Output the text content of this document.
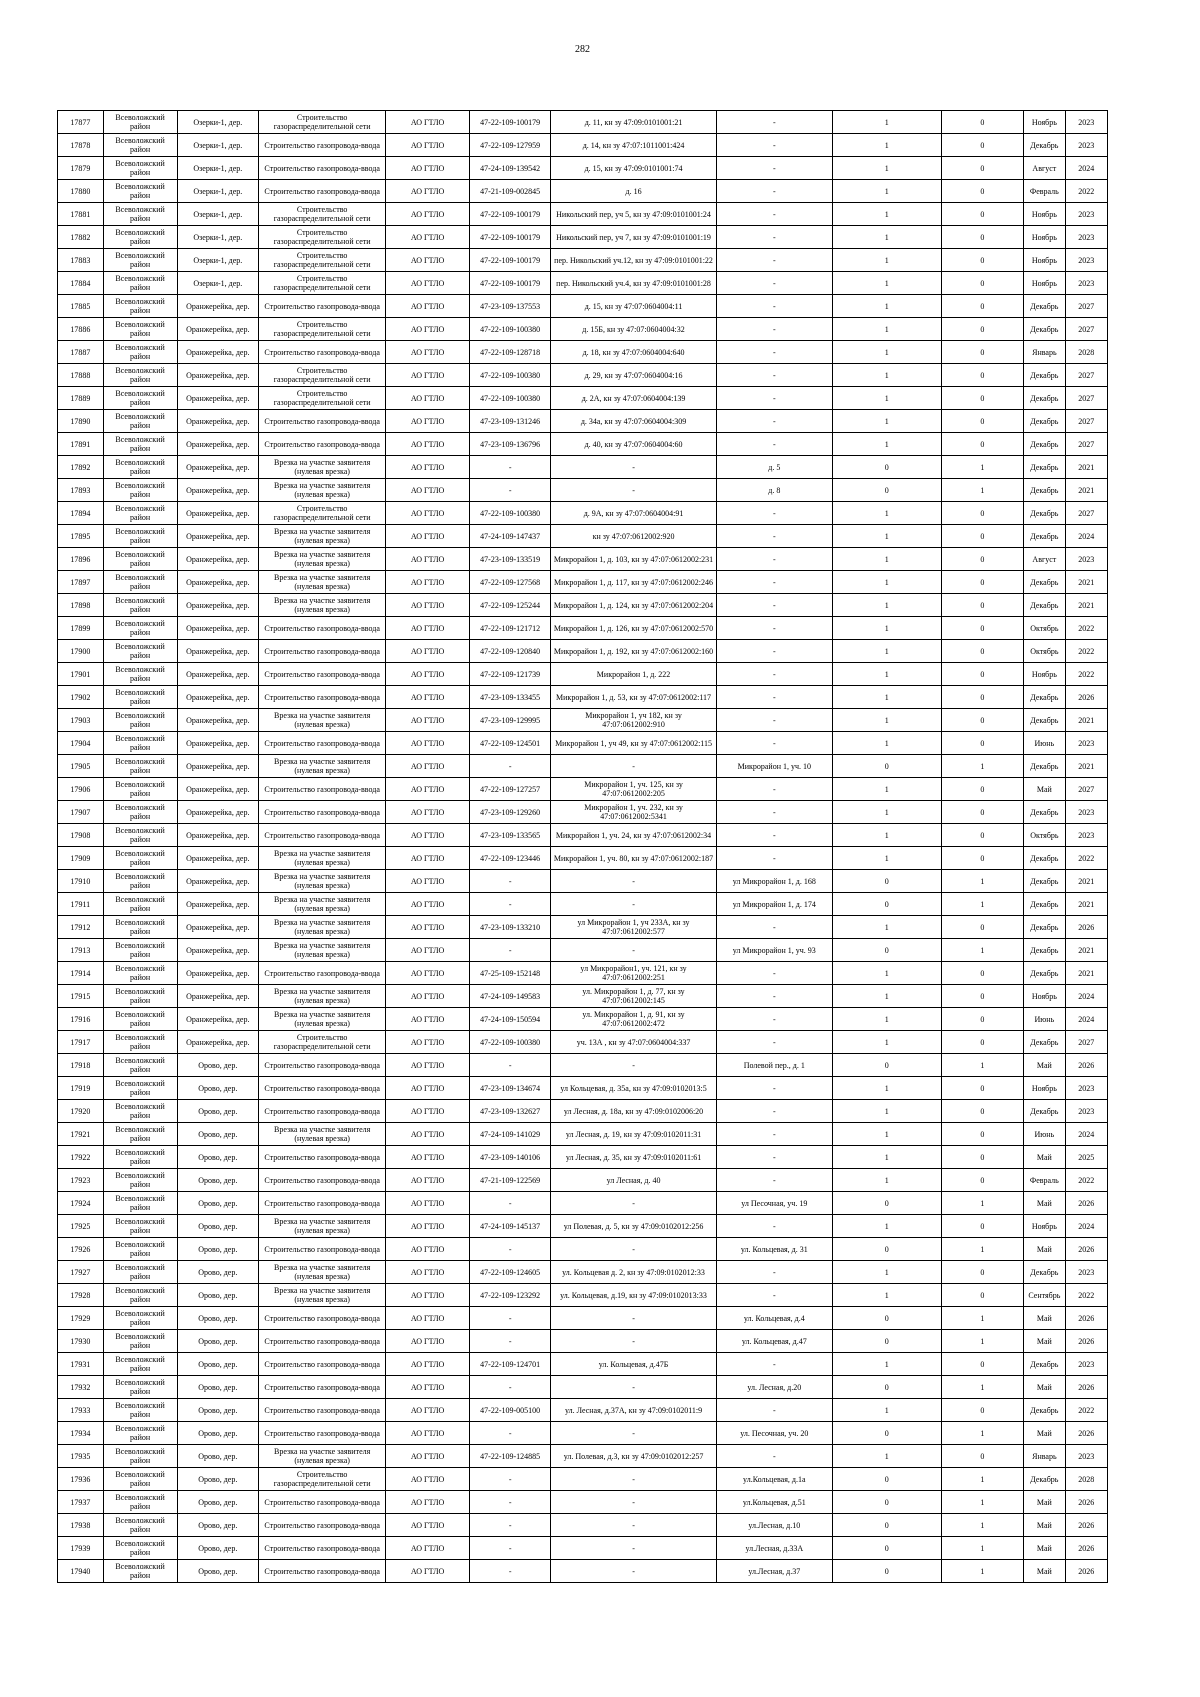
282
17877	Всеволожский район	Озерки-1, дер.	Строительство газораспределительной сети	АО ГТЛО	47-22-109-100179	д. 11, кн зу 47:09:0101001:21	-	1	0	Ноябрь	2023
17878	Всеволожский район	Озерки-1, дер.	Строительство газопровода-ввода	АО ГТЛО	47-22-109-127959	д. 14, кн зу 47:07:1011001:424	-	1	0	Декабрь	2023
17879	Всеволожский район	Озерки-1, дер.	Строительство газопровода-ввода	АО ГТЛО	47-24-109-139542	д. 15, кн зу 47:09:0101001:74	-	1	0	Август	2024
17880	Всеволожский район	Озерки-1, дер.	Строительство газопровода-ввода	АО ГТЛО	47-21-109-002845	д. 16	-	1	0	Февраль	2022
17881	Всеволожский район	Озерки-1, дер.	Строительство газораспределительной сети	АО ГТЛО	47-22-109-100179	Никольский пер, уч 5, кн зу 47:09:0101001:24	-	1	0	Ноябрь	2023
17882	Всеволожский район	Озерки-1, дер.	Строительство газораспределительной сети	АО ГТЛО	47-22-109-100179	Никольский пер, уч 7, кн зу 47:09:0101001:19	-	1	0	Ноябрь	2023
17883	Всеволожский район	Озерки-1, дер.	Строительство газораспределительной сети	АО ГТЛО	47-22-109-100179	пер. Никольский уч.12, кн зу 47:09:0101001:22	-	1	0	Ноябрь	2023
17884	Всеволожский район	Озерки-1, дер.	Строительство газораспределительной сети	АО ГТЛО	47-22-109-100179	пер. Никольский уч.4, кн зу 47:09:0101001:28	-	1	0	Ноябрь	2023
17885	Всеволожский район	Оранжерейка, дер.	Строительство газопровода-ввода	АО ГТЛО	47-23-109-137553	д. 15, кн зу 47:07:0604004:11	-	1	0	Декабрь	2027
17886	Всеволожский район	Оранжерейка, дер.	Строительство газораспределительной сети	АО ГТЛО	47-22-109-100380	д. 15Б, кн зу 47:07:0604004:32	-	1	0	Декабрь	2027
17887	Всеволожский район	Оранжерейка, дер.	Строительство газопровода-ввода	АО ГТЛО	47-22-109-128718	д. 18, кн зу 47:07:0604004:640	-	1	0	Январь	2028
17888	Всеволожский район	Оранжерейка, дер.	Строительство газораспределительной сети	АО ГТЛО	47-22-109-100380	д. 29, кн зу 47:07:0604004:16	-	1	0	Декабрь	2027
17889	Всеволожский район	Оранжерейка, дер.	Строительство газораспределительной сети	АО ГТЛО	47-22-109-100380	д. 2А, кн зу 47:07:0604004:139	-	1	0	Декабрь	2027
17890	Всеволожский район	Оранжерейка, дер.	Строительство газопровода-ввода	АО ГТЛО	47-23-109-131246	д. 34а, кн зу 47:07:0604004:309	-	1	0	Декабрь	2027
17891	Всеволожский район	Оранжерейка, дер.	Строительство газопровода-ввода	АО ГТЛО	47-23-109-136796	д. 40, кн зу 47:07:0604004:60	-	1	0	Декабрь	2027
17892	Всеволожский район	Оранжерейка, дер.	Врезка на участке заявителя (нулевая врезка)	АО ГТЛО	-	-	д. 5	0	1	Декабрь	2021
17893	Всеволожский район	Оранжерейка, дер.	Врезка на участке заявителя (нулевая врезка)	АО ГТЛО	-	-	д. 8	0	1	Декабрь	2021
17894	Всеволожский район	Оранжерейка, дер.	Строительство газораспределительной сети	АО ГТЛО	47-22-109-100380	д. 9А, кн зу 47:07:0604004:91	-	1	0	Декабрь	2027
17895	Всеволожский район	Оранжерейка, дер.	Врезка на участке заявителя (нулевая врезка)	АО ГТЛО	47-24-109-147437	кн зу 47:07:0612002:920	-	1	0	Декабрь	2024
17896	Всеволожский район	Оранжерейка, дер.	Врезка на участке заявителя (нулевая врезка)	АО ГТЛО	47-23-109-133519	Микрорайон 1, д. 103, кн зу 47:07:0612002:231	-	1	0	Август	2023
17897	Всеволожский район	Оранжерейка, дер.	Врезка на участке заявителя (нулевая врезка)	АО ГТЛО	47-22-109-127568	Микрорайон 1, д. 117, кн зу 47:07:0612002:246	-	1	0	Декабрь	2021
17898	Всеволожский район	Оранжерейка, дер.	Врезка на участке заявителя (нулевая врезка)	АО ГТЛО	47-22-109-125244	Микрорайон 1, д. 124, кн зу 47:07:0612002:204	-	1	0	Декабрь	2021
17899	Всеволожский район	Оранжерейка, дер.	Строительство газопровода-ввода	АО ГТЛО	47-22-109-121712	Микрорайон 1, д. 126, кн зу 47:07:0612002:570	-	1	0	Октябрь	2022
17900	Всеволожский район	Оранжерейка, дер.	Строительство газопровода-ввода	АО ГТЛО	47-22-109-120840	Микрорайон 1, д. 192, кн зу 47:07:0612002:160	-	1	0	Октябрь	2022
17901	Всеволожский район	Оранжерейка, дер.	Строительство газопровода-ввода	АО ГТЛО	47-22-109-121739	Микрорайон 1, д. 222	-	1	0	Ноябрь	2022
17902	Всеволожский район	Оранжерейка, дер.	Строительство газопровода-ввода	АО ГТЛО	47-23-109-133455	Микрорайон 1, д. 53, кн зу 47:07:0612002:117	-	1	0	Декабрь	2026
17903	Всеволожский район	Оранжерейка, дер.	Врезка на участке заявителя (нулевая врезка)	АО ГТЛО	47-23-109-129995	Микрорайон 1, уч 182, кн зу 47:07:0612002:910	-	1	0	Декабрь	2021
17904	Всеволожский район	Оранжерейка, дер.	Строительство газопровода-ввода	АО ГТЛО	47-22-109-124501	Микрорайон 1, уч 49, кн зу 47:07:0612002:115	-	1	0	Июнь	2023
17905	Всеволожский район	Оранжерейка, дер.	Врезка на участке заявителя (нулевая врезка)	АО ГТЛО	-	-	Микрорайон 1, уч. 10	0	1	Декабрь	2021
17906	Всеволожский район	Оранжерейка, дер.	Строительство газопровода-ввода	АО ГТЛО	47-22-109-127257	Микрорайон 1, уч. 125, кн зу 47:07:0612002:205	-	1	0	Май	2027
17907	Всеволожский район	Оранжерейка, дер.	Строительство газопровода-ввода	АО ГТЛО	47-23-109-129260	Микрорайон 1, уч. 232, кн зу 47:07:0612002:5341	-	1	0	Декабрь	2023
17908	Всеволожский район	Оранжерейка, дер.	Строительство газопровода-ввода	АО ГТЛО	47-23-109-133565	Микрорайон 1, уч. 24, кн зу 47:07:0612002:34	-	1	0	Октябрь	2023
17909	Всеволожский район	Оранжерейка, дер.	Врезка на участке заявителя (нулевая врезка)	АО ГТЛО	47-22-109-123446	Микрорайон 1, уч. 80, кн зу 47:07:0612002:187	-	1	0	Декабрь	2022
17910	Всеволожский район	Оранжерейка, дер.	Врезка на участке заявителя (нулевая врезка)	АО ГТЛО	-	-	ул Микрорайон 1, д. 168	0	1	Декабрь	2021
17911	Всеволожский район	Оранжерейка, дер.	Врезка на участке заявителя (нулевая врезка)	АО ГТЛО	-	-	ул Микрорайон 1, д. 174	0	1	Декабрь	2021
17912	Всеволожский район	Оранжерейка, дер.	Врезка на участке заявителя (нулевая врезка)	АО ГТЛО	47-23-109-133210	ул Микрорайон 1, уч 233А, кн зу 47:07:0612002:577	-	1	0	Декабрь	2026
17913	Всеволожский район	Оранжерейка, дер.	Врезка на участке заявителя (нулевая врезка)	АО ГТЛО	-	-	ул Микрорайон 1, уч. 93	0	1	Декабрь	2021
17914	Всеволожский район	Оранжерейка, дер.	Строительство газопровода-ввода	АО ГТЛО	47-25-109-152148	ул Микрорайон1, уч. 121, кн зу 47:07:0612002:251	-	1	0	Декабрь	2021
17915	Всеволожский район	Оранжерейка, дер.	Врезка на участке заявителя (нулевая врезка)	АО ГТЛО	47-24-109-149583	ул. Микрорайон 1, д. 77, кн зу 47:07:0612002:145	-	1	0	Ноябрь	2024
17916	Всеволожский район	Оранжерейка, дер.	Врезка на участке заявителя (нулевая врезка)	АО ГТЛО	47-24-109-150594	ул. Микрорайон 1, д. 91, кн зу 47:07:0612002:472	-	1	0	Июнь	2024
17917	Всеволожский район	Оранжерейка, дер.	Строительство газораспределительной сети	АО ГТЛО	47-22-109-100380	уч. 13А , кн зу 47:07:0604004:337	-	1	0	Декабрь	2027
17918	Всеволожский район	Орово, дер.	Строительство газопровода-ввода	АО ГТЛО	-	-	Полевой пер., д. 1	0	1	Май	2026
17919	Всеволожский район	Орово, дер.	Строительство газопровода-ввода	АО ГТЛО	47-23-109-134674	ул Кольцевая, д. 35а, кн зу 47:09:0102013:5	-	1	0	Ноябрь	2023
17920	Всеволожский район	Орово, дер.	Строительство газопровода-ввода	АО ГТЛО	47-23-109-132627	ул Лесная, д. 18а, кн зу 47:09:0102006:20	-	1	0	Декабрь	2023
17921	Всеволожский район	Орово, дер.	Врезка на участке заявителя (нулевая врезка)	АО ГТЛО	47-24-109-141029	ул Лесная, д. 19, кн зу 47:09:0102011:31	-	1	0	Июнь	2024
17922	Всеволожский район	Орово, дер.	Строительство газопровода-ввода	АО ГТЛО	47-23-109-140106	ул Лесная, д. 35, кн зу 47:09:0102011:61	-	1	0	Май	2025
17923	Всеволожский район	Орово, дер.	Строительство газопровода-ввода	АО ГТЛО	47-21-109-122569	ул Лесная, д. 40	-	1	0	Февраль	2022
17924	Всеволожский район	Орово, дер.	Строительство газопровода-ввода	АО ГТЛО	-	-	ул Песочная, уч. 19	0	1	Май	2026
17925	Всеволожский район	Орово, дер.	Врезка на участке заявителя (нулевая врезка)	АО ГТЛО	47-24-109-145137	ул Полевая, д. 5, кн зу 47:09:0102012:256	-	1	0	Ноябрь	2024
17926	Всеволожский район	Орово, дер.	Строительство газопровода-ввода	АО ГТЛО	-	-	ул. Кольцевая, д. 31	0	1	Май	2026
17927	Всеволожский район	Орово, дер.	Врезка на участке заявителя (нулевая врезка)	АО ГТЛО	47-22-109-124605	ул. Кольцевая д. 2, кн зу 47:09:0102012:33	-	1	0	Декабрь	2023
17928	Всеволожский район	Орово, дер.	Врезка на участке заявителя (нулевая врезка)	АО ГТЛО	47-22-109-123292	ул. Кольцевая, д.19, кн зу 47:09:0102013:33	-	1	0	Сентябрь	2022
17929	Всеволожский район	Орово, дер.	Строительство газопровода-ввода	АО ГТЛО	-	-	ул. Кольцевая, д.4	0	1	Май	2026
17930	Всеволожский район	Орово, дер.	Строительство газопровода-ввода	АО ГТЛО	-	-	ул. Кольцевая, д.47	0	1	Май	2026
17931	Всеволожский район	Орово, дер.	Строительство газопровода-ввода	АО ГТЛО	47-22-109-124701	ул. Кольцевая, д.47Б	-	1	0	Декабрь	2023
17932	Всеволожский район	Орово, дер.	Строительство газопровода-ввода	АО ГТЛО	-	-	ул. Лесная, д.20	0	1	Май	2026
17933	Всеволожский район	Орово, дер.	Строительство газопровода-ввода	АО ГТЛО	47-22-109-005100	ул. Лесная, д.37А, кн зу 47:09:0102011:9	-	1	0	Декабрь	2022
17934	Всеволожский район	Орово, дер.	Строительство газопровода-ввода	АО ГТЛО	-	-	ул. Песочная, уч. 20	0	1	Май	2026
17935	Всеволожский район	Орово, дер.	Врезка на участке заявителя (нулевая врезка)	АО ГТЛО	47-22-109-124885	ул. Полевая, д.3, кн зу 47:09:0102012:257	-	1	0	Январь	2023
17936	Всеволожский район	Орово, дер.	Строительство газораспределительной сети	АО ГТЛО	-	-	ул.Кольцевая, д.1а	0	1	Декабрь	2028
17937	Всеволожский район	Орово, дер.	Строительство газопровода-ввода	АО ГТЛО	-	-	ул.Кольцевая, д.51	0	1	Май	2026
17938	Всеволожский район	Орово, дер.	Строительство газопровода-ввода	АО ГТЛО	-	-	ул.Лесная, д.10	0	1	Май	2026
17939	Всеволожский район	Орово, дер.	Строительство газопровода-ввода	АО ГТЛО	-	-	ул.Лесная, д.33А	0	1	Май	2026
17940	Всеволожский район	Орово, дер.	Строительство газопровода-ввода	АО ГТЛО	-	-	ул.Лесная, д.37	0	1	Май	2026
